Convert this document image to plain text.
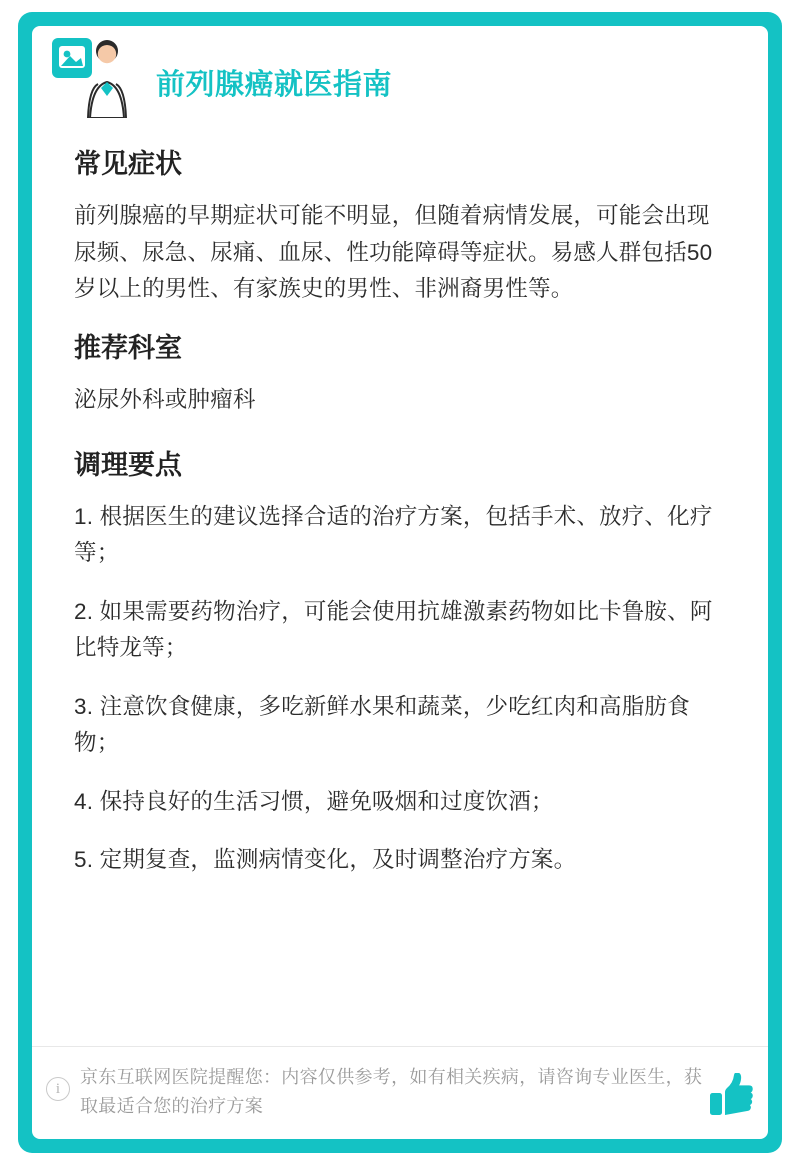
前列腺癌就医指南
常见症状

前列腺癌的早期症状可能不明显，但随着病情发展，可能会出现尿频、尿急、尿痛、血尿、性功能障碍等症状。易感人群包括50岁以上的男性、有家族史的男性、非洲裔男性等。

推荐科室

泌尿外科或肿瘤科

调理要点

1. 根据医生的建议选择合适的治疗方案，包括手术、放疗、化疗等；

2. 如果需要药物治疗，可能会使用抗雄激素药物如比卡鲁胺、阿比特龙等；

3. 注意饮食健康，多吃新鲜水果和蔬菜，少吃红肉和高脂肪食物；

4. 保持良好的生活习惯，避免吸烟和过度饮酒；

5. 定期复查，监测病情变化，及时调整治疗方案。

i
京东互联网医院提醒您：内容仅供参考，如有相关疾病，请咨询专业医生，获取最适合您的治疗方案
